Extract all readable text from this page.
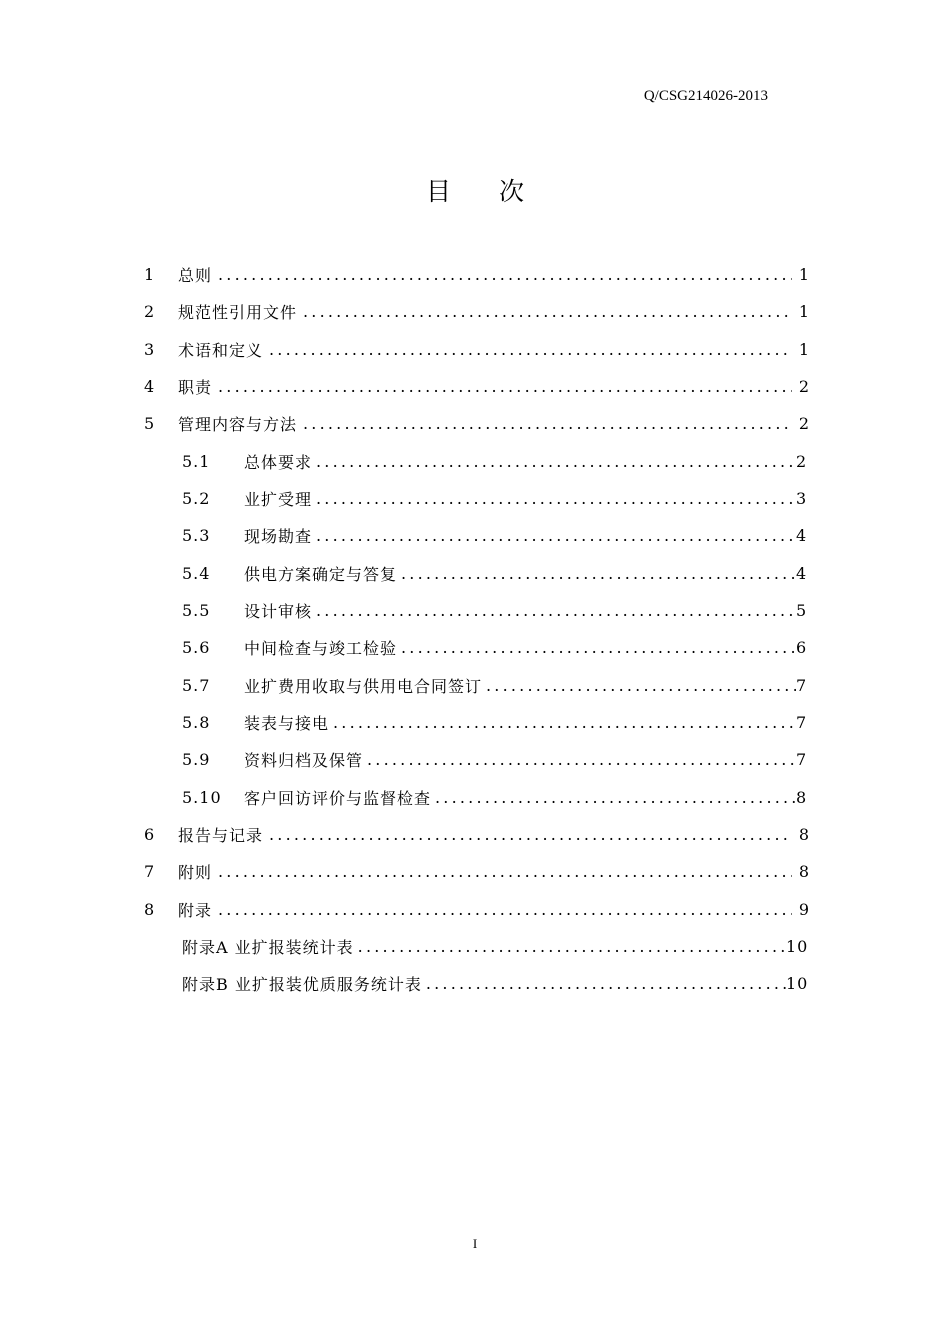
Q/CSG214026-2013
目 次
1	总则 .....	1
2	规范性引用文件 .....	1
3	术语和定义 .....	1
4	职责 .....	2
5	管理内容与方法 .....	2
5.1	总体要求 .....	2
5.2	业扩受理 .....	3
5.3	现场勘查 .....	4
5.4	供电方案确定与答复 .....	4
5.5	设计审核 .....	5
5.6	中间检查与竣工检验 .....	6
5.7	业扩费用收取与供用电合同签订 .....	7
5.8	装表与接电 .....	7
5.9	资料归档及保管 .....	7
5.10	客户回访评价与监督检查 .....	8
6	报告与记录 .....	8
7	附则 .....	8
8	附录 .....	9
附录A 业扩报装统计表 .....	10
附录B 业扩报装优质服务统计表 .....	10
I
